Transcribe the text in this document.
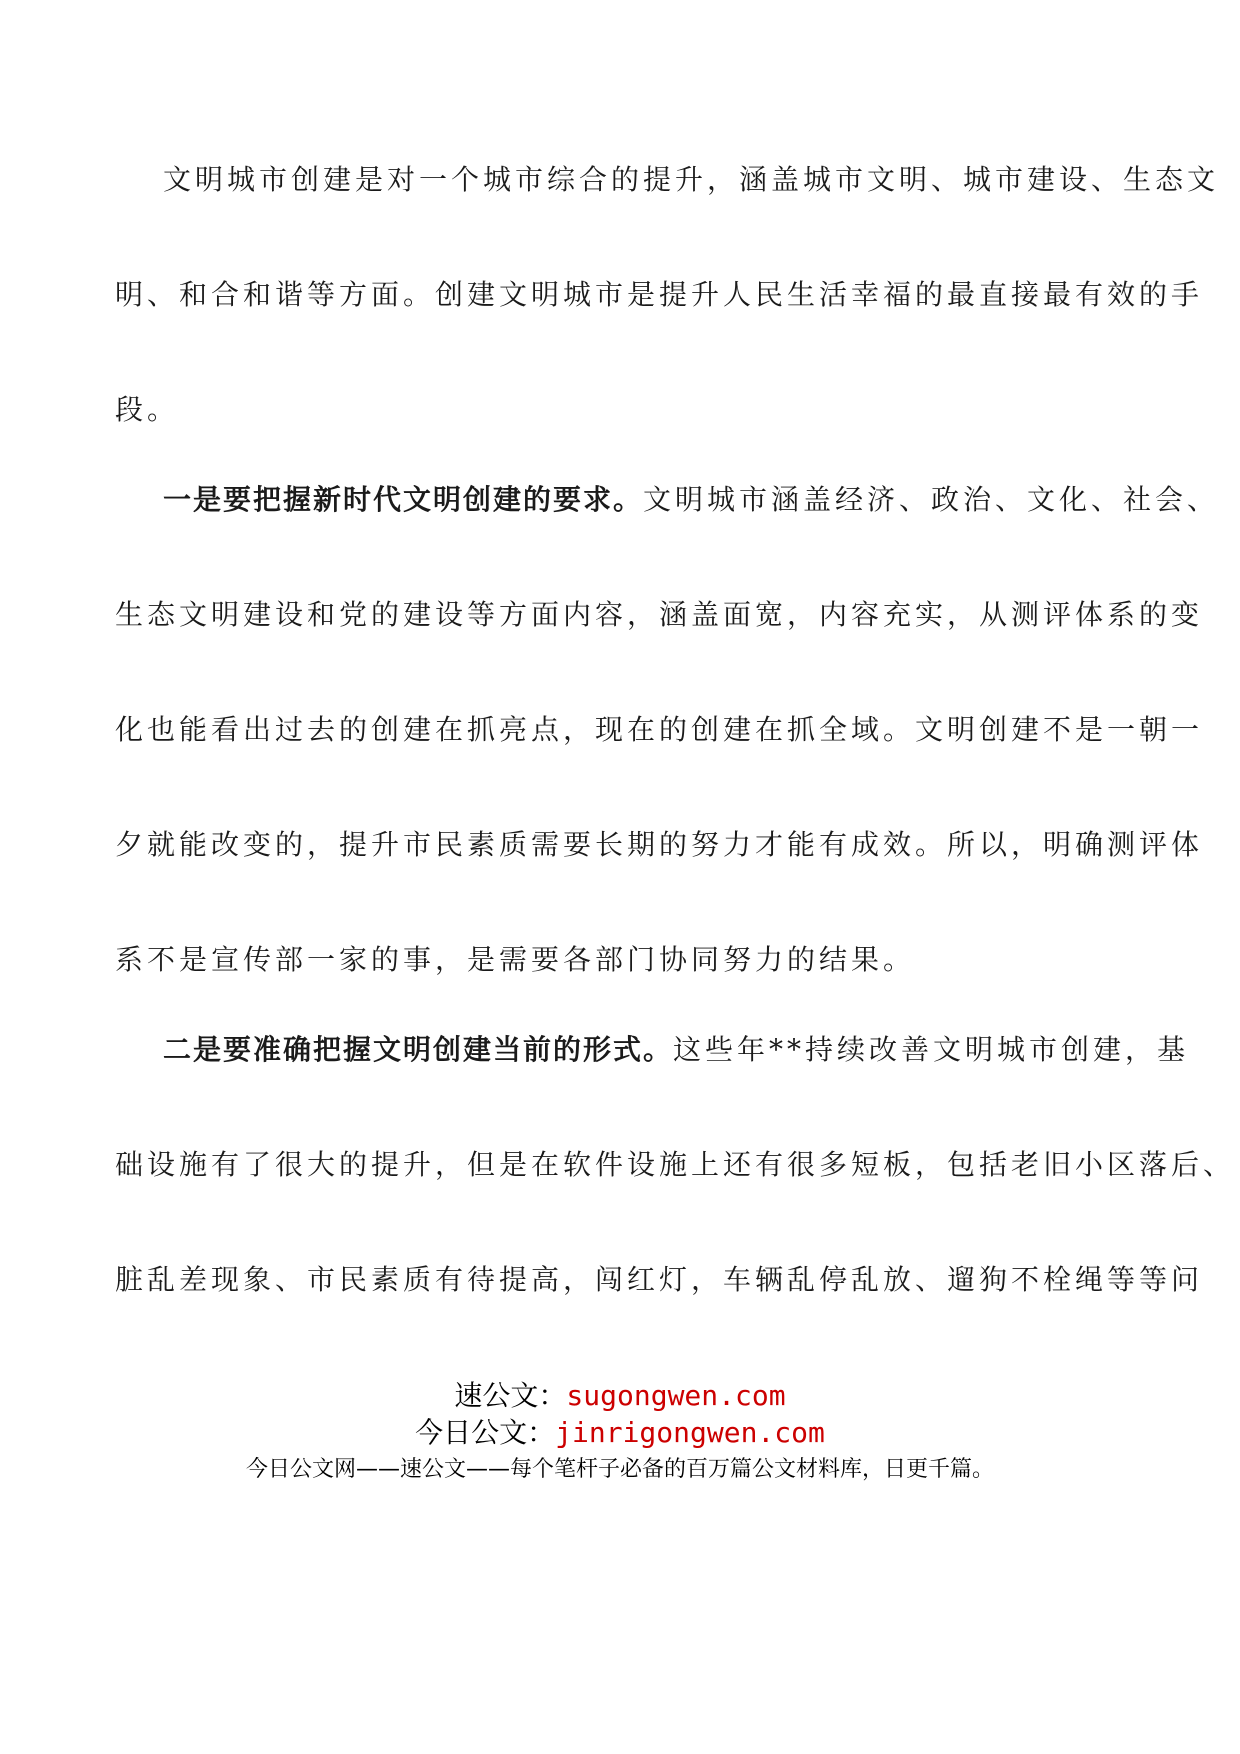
文明城市创建是对一个城市综合的提升，涵盖城市文明、城市建设、生态文

明、和合和谐等方面。创建文明城市是提升人民生活幸福的最直接最有效的手

段。

一是要把握新时代文明创建的要求。文明城市涵盖经济、政治、文化、社会、

生态文明建设和党的建设等方面内容，涵盖面宽，内容充实，从测评体系的变

化也能看出过去的创建在抓亮点，现在的创建在抓全域。文明创建不是一朝一

夕就能改变的，提升市民素质需要长期的努力才能有成效。所以，明确测评体

系不是宣传部一家的事，是需要各部门协同努力的结果。

二是要准确把握文明创建当前的形式。这些年**持续改善文明城市创建，基

础设施有了很大的提升，但是在软件设施上还有很多短板，包括老旧小区落后、

脏乱差现象、市民素质有待提高，闯红灯，车辆乱停乱放、遛狗不栓绳等等问

速公文：sugongwen.com
今日公文：jinrigongwen.com
今日公文网——速公文——每个笔杆子必备的百万篇公文材料库，日更千篇。
